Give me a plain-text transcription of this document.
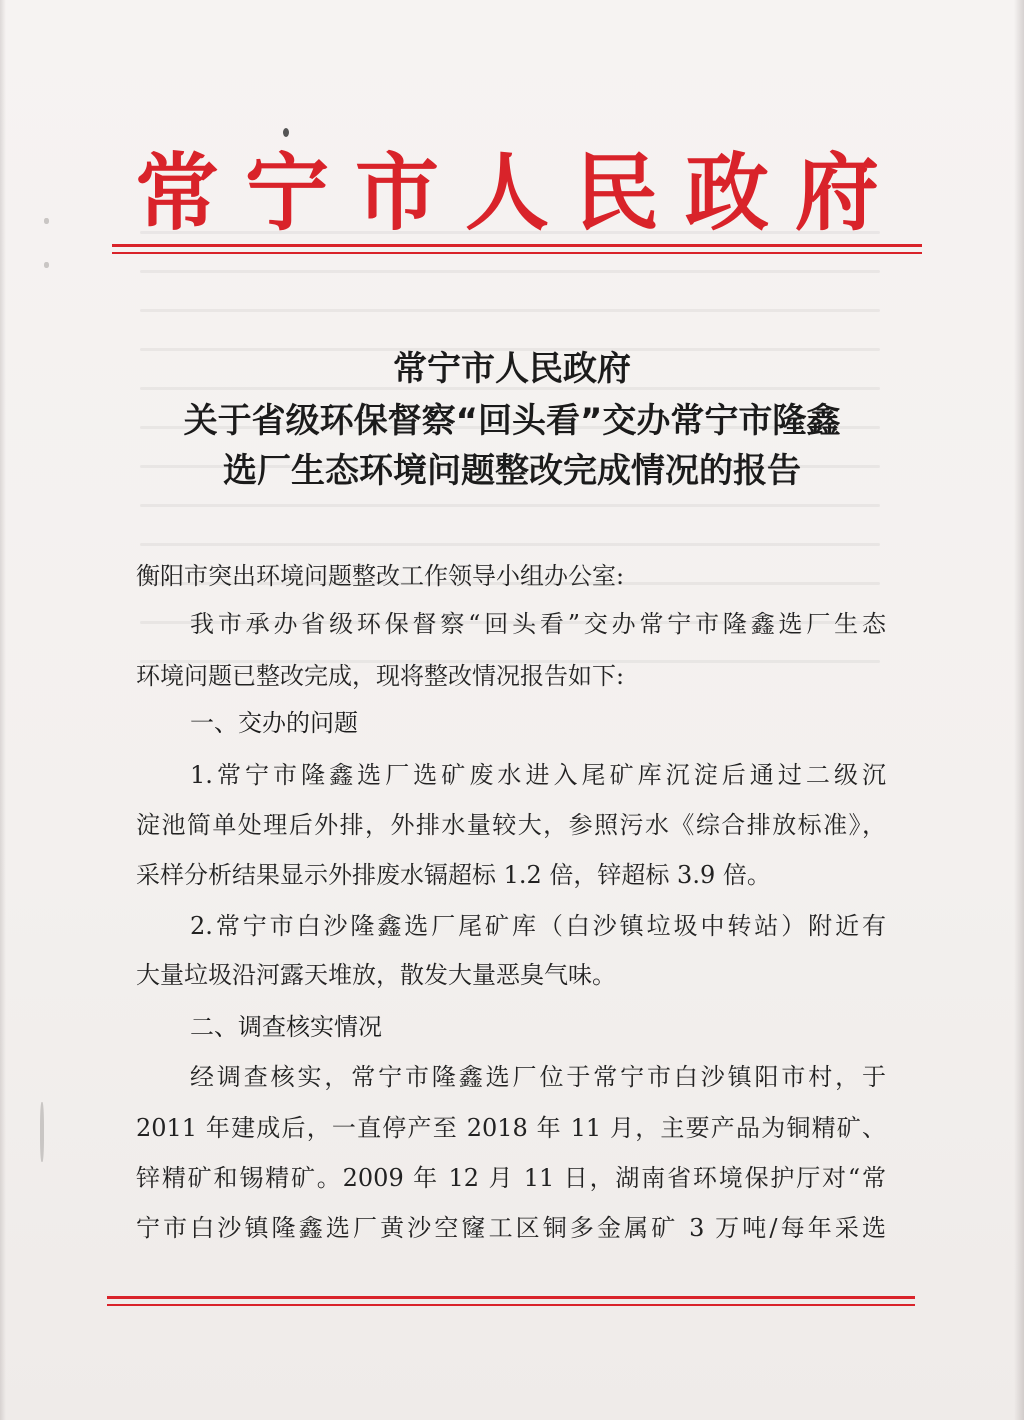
常宁市人民政府
常宁市人民政府
关于省级环保督察“回头看”交办常宁市隆鑫
选厂生态环境问题整改完成情况的报告
衡阳市突出环境问题整改工作领导小组办公室:
我市承办省级环保督察“回头看”交办常宁市隆鑫选厂生态
环境问题已整改完成，现将整改情况报告如下:
一、交办的问题
1.常宁市隆鑫选厂选矿废水进入尾矿库沉淀后通过二级沉
淀池简单处理后外排，外排水量较大，参照污水《综合排放标准》，
采样分析结果显示外排废水镉超标 1.2 倍，锌超标 3.9 倍。
2.常宁市白沙隆鑫选厂尾矿库（白沙镇垃圾中转站）附近有
大量垃圾沿河露天堆放，散发大量恶臭气味。
二、调查核实情况
经调查核实，常宁市隆鑫选厂位于常宁市白沙镇阳市村，于
2011 年建成后，一直停产至 2018 年 11 月，主要产品为铜精矿、
锌精矿和锡精矿。2009 年 12 月 11 日，湖南省环境保护厅对“常
宁市白沙镇隆鑫选厂黄沙空窿工区铜多金属矿 3 万吨/每年采选
